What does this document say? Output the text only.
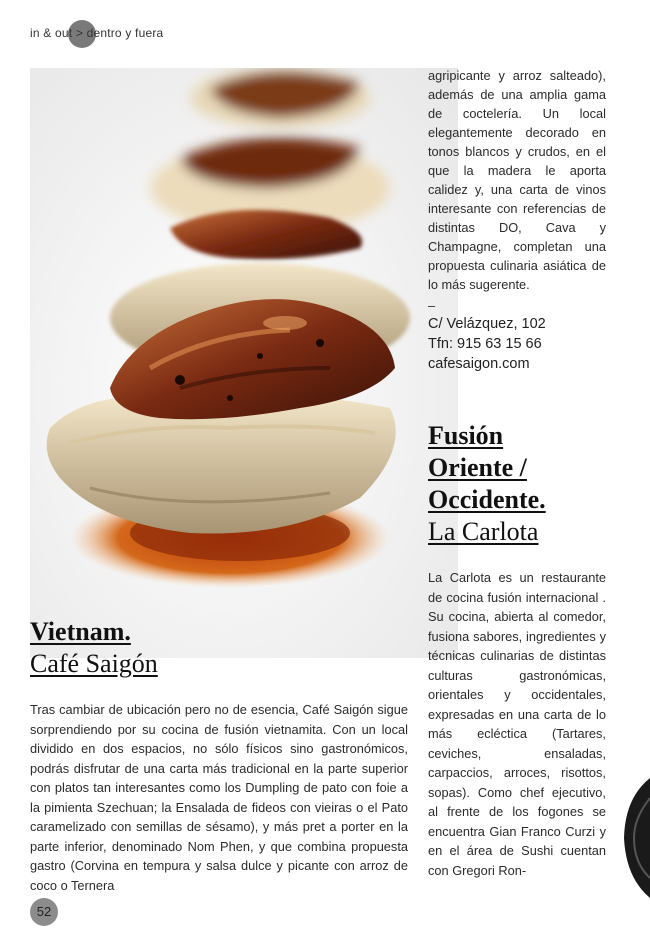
in & out > dentro y fuera
agripicante y arroz salteado), además de una amplia gama de coctelería. Un local elegantemente decorado en tonos blancos y crudos, en el que la madera le aporta calidez y, una carta de vinos interesante con referencias de distintas DO, Cava y Champagne, completan una propuesta culinaria asiática de lo más sugerente.
–
C/ Velázquez, 102
Tfn: 915 63 15 66
cafesaigon.com
Fusión
Oriente /
Occidente.
La Carlota
La Carlota es un restaurante de cocina fusión internacional . Su cocina, abierta al comedor, fusiona sabores, ingredientes y técnicas culinarias de distintas culturas gastronómicas, orientales y occidentales, expresadas en una carta de lo más ecléctica (Tartares, ceviches, ensaladas, carpaccios, arroces, risottos, sopas). Como chef ejecutivo, al frente de los fogones se encuentra Gian Franco Curzi y en el área de Sushi cuentan con Gregori Ron-
Vietnam.
Café Saigón
Tras cambiar de ubicación pero no de esencia, Café Saigón sigue sorprendiendo por su cocina de fusión vietnamita. Con un local dividido en dos espacios, no sólo físicos sino gastronómicos, podrás disfrutar de una carta más tradicional en la parte superior con platos tan interesantes como los Dumpling de pato con foie a la pimienta Szechuan; la Ensalada de fideos con vieiras o el Pato caramelizado con semillas de sésamo), y más pret a porter en la parte inferior, denominado Nom Phen, y que combina propuesta gastro (Corvina en tempura y salsa dulce y picante con arroz de coco o Ternera
52
